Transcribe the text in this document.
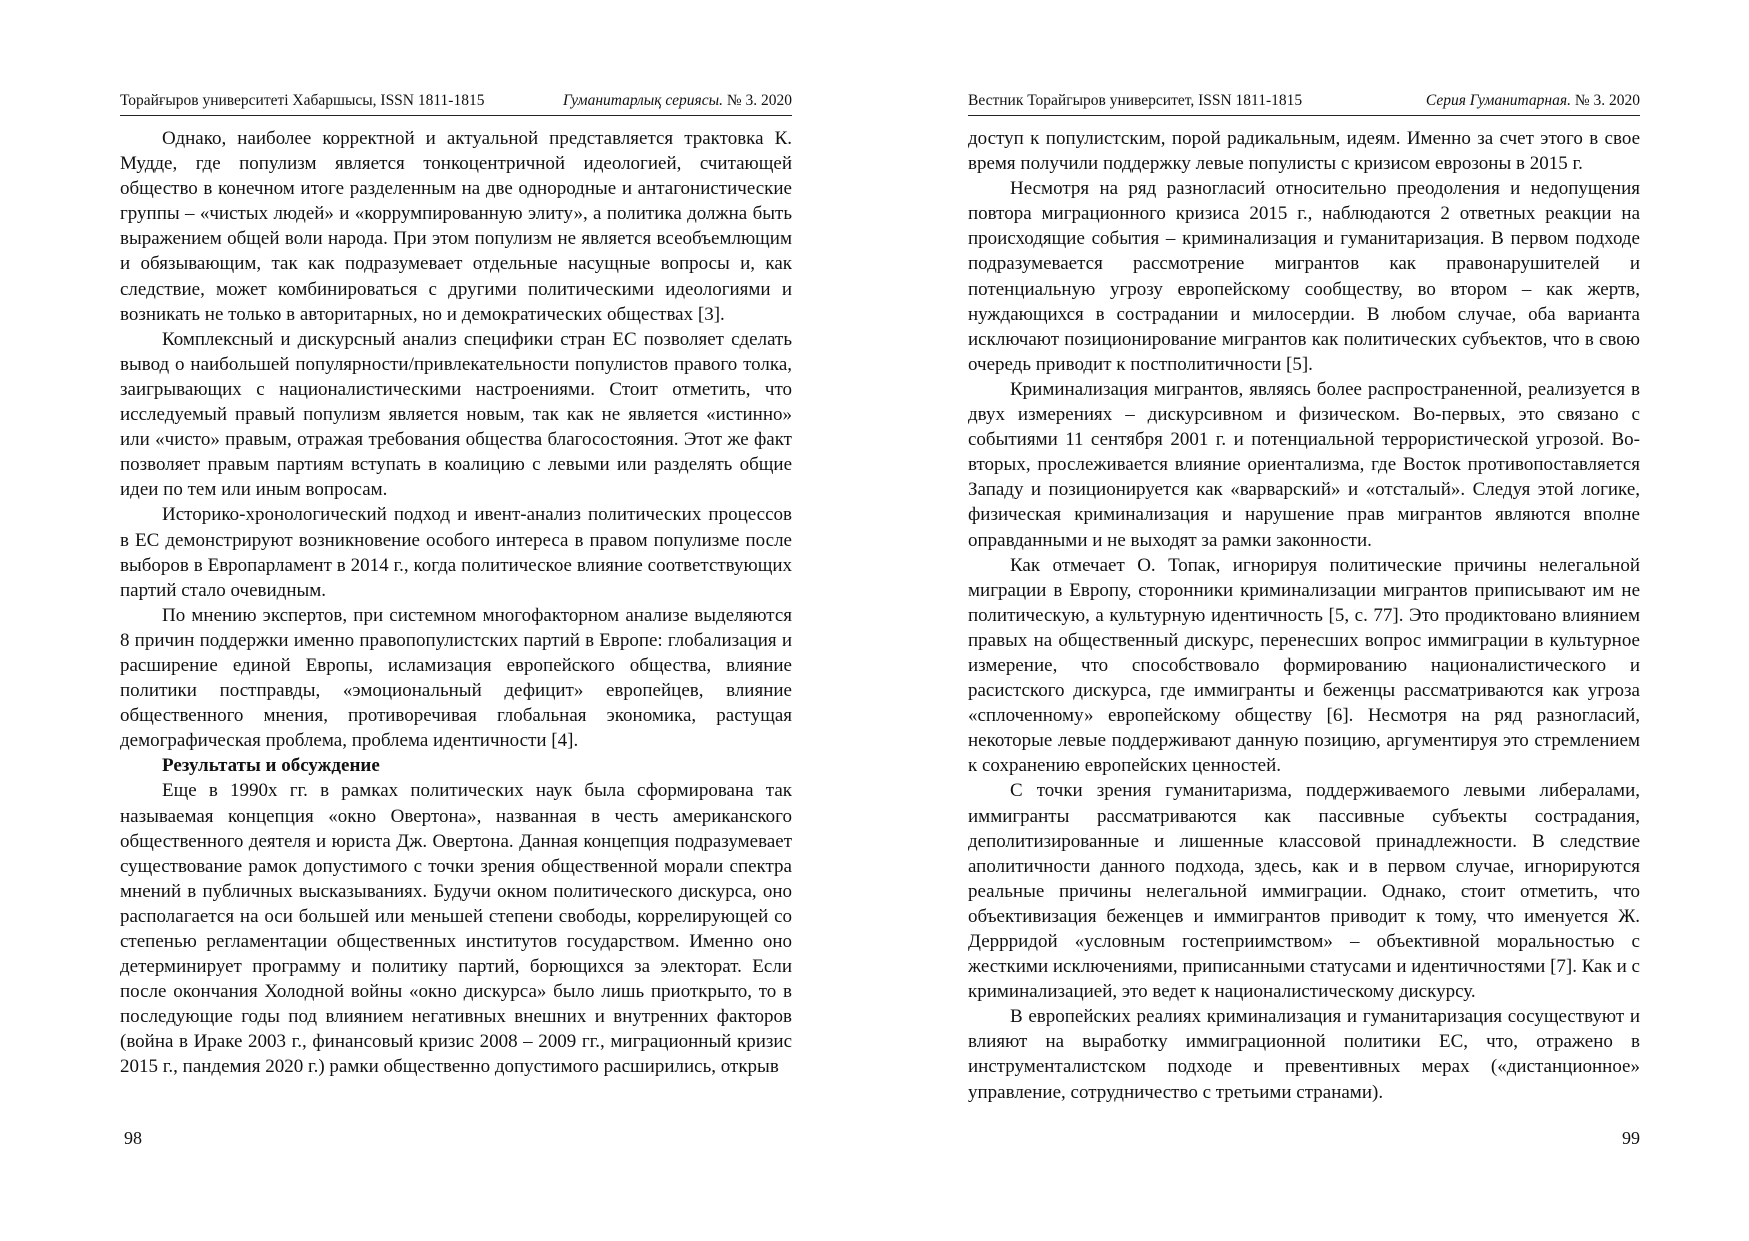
Торайғыров университеті Хабаршысы, ISSN 1811-1815	Гуманитарлық сериясы. № 3. 2020

Однако, наиболее корректной и актуальной представляется трактовка К. Мудде, где популизм является тонкоцентричной идеологией, считающей общество в конечном итоге разделенным на две однородные и антагонистические группы – «чистых людей» и «коррумпированную элиту», а политика должна быть выражением общей воли народа. При этом популизм не является всеобъемлющим и обязывающим, так как подразумевает отдельные насущные вопросы и, как следствие, может комбинироваться с другими политическими идеологиями и возникать не только в авторитарных, но и демократических обществах [3].

Комплексный и дискурсный анализ специфики стран ЕС позволяет сделать вывод о наибольшей популярности/привлекательности популистов правого толка, заигрывающих с националистическими настроениями. Стоит отметить, что исследуемый правый популизм является новым, так как не является «истинно» или «чисто» правым, отражая требования общества благосостояния. Этот же факт позволяет правым партиям вступать в коалицию с левыми или разделять общие идеи по тем или иным вопросам.

Историко-хронологический подход и ивент-анализ политических процессов в ЕС демонстрируют возникновение особого интереса в правом популизме после выборов в Европарламент в 2014 г., когда политическое влияние соответствующих партий стало очевидным.

По мнению экспертов, при системном многофакторном анализе выделяются 8 причин поддержки именно правопопулистских партий в Европе: глобализация и расширение единой Европы, исламизация европейского общества, влияние политики постправды, «эмоциональный дефицит» европейцев, влияние общественного мнения, противоречивая глобальная экономика, растущая демографическая проблема, проблема идентичности [4].

Результаты и обсуждение

Еще в 1990х гг. в рамках политических наук была сформирована так называемая концепция «окно Овертона», названная в честь американского общественного деятеля и юриста Дж. Овертона. Данная концепция подразумевает существование рамок допустимого с точки зрения общественной морали спектра мнений в публичных высказываниях. Будучи окном политического дискурса, оно располагается на оси большей или меньшей степени свободы, коррелирующей со степенью регламентации общественных институтов государством. Именно оно детерминирует программу и политику партий, борющихся за электорат. Если после окончания Холодной войны «окно дискурса» было лишь приоткрыто, то в последующие годы под влиянием негативных внешних и внутренних факторов (война в Ираке 2003 г., финансовый кризис 2008 – 2009 гг., миграционный кризис 2015 г., пандемия 2020 г.) рамки общественно допустимого расширились, открыв

98
Вестник Торайгыров университет, ISSN 1811-1815	Серия Гуманитарная. № 3. 2020

доступ к популистским, порой радикальным, идеям. Именно за счет этого в свое время получили поддержку левые популисты с кризисом еврозоны в 2015 г.

Несмотря на ряд разногласий относительно преодоления и недопущения повтора миграционного кризиса 2015 г., наблюдаются 2 ответных реакции на происходящие события – криминализация и гуманитаризация. В первом подходе подразумевается рассмотрение мигрантов как правонарушителей и потенциальную угрозу европейскому сообществу, во втором – как жертв, нуждающихся в сострадании и милосердии. В любом случае, оба варианта исключают позиционирование мигрантов как политических субъектов, что в свою очередь приводит к постполитичности [5].

Криминализация мигрантов, являясь более распространенной, реализуется в двух измерениях – дискурсивном и физическом. Во-первых, это связано с событиями 11 сентября 2001 г. и потенциальной террористической угрозой. Во-вторых, прослеживается влияние ориентализма, где Восток противопоставляется Западу и позиционируется как «варварский» и «отсталый». Следуя этой логике, физическая криминализация и нарушение прав мигрантов являются вполне оправданными и не выходят за рамки законности.

Как отмечает О. Топак, игнорируя политические причины нелегальной миграции в Европу, сторонники криминализации мигрантов приписывают им не политическую, а культурную идентичность [5, с. 77]. Это продиктовано влиянием правых на общественный дискурс, перенесших вопрос иммиграции в культурное измерение, что способствовало формированию националистического и расистского дискурса, где иммигранты и беженцы рассматриваются как угроза «сплоченному» европейскому обществу [6]. Несмотря на ряд разногласий, некоторые левые поддерживают данную позицию, аргументируя это стремлением к сохранению европейских ценностей.

С точки зрения гуманитаризма, поддерживаемого левыми либералами, иммигранты рассматриваются как пассивные субъекты сострадания, деполитизированные и лишенные классовой принадлежности. В следствие аполитичности данного подхода, здесь, как и в первом случае, игнорируются реальные причины нелегальной иммиграции. Однако, стоит отметить, что объективизация беженцев и иммигрантов приводит к тому, что именуется Ж. Деррридой «условным гостеприимством» – объективной моральностью с жесткими исключениями, приписанными статусами и идентичностями [7]. Как и с криминализацией, это ведет к националистическому дискурсу.

В европейских реалиях криминализация и гуманитаризация сосуществуют и влияют на выработку иммиграционной политики ЕС, что, отражено в инструменталистском подходе и превентивных мерах («дистанционное» управление, сотрудничество с третьими странами).

99
